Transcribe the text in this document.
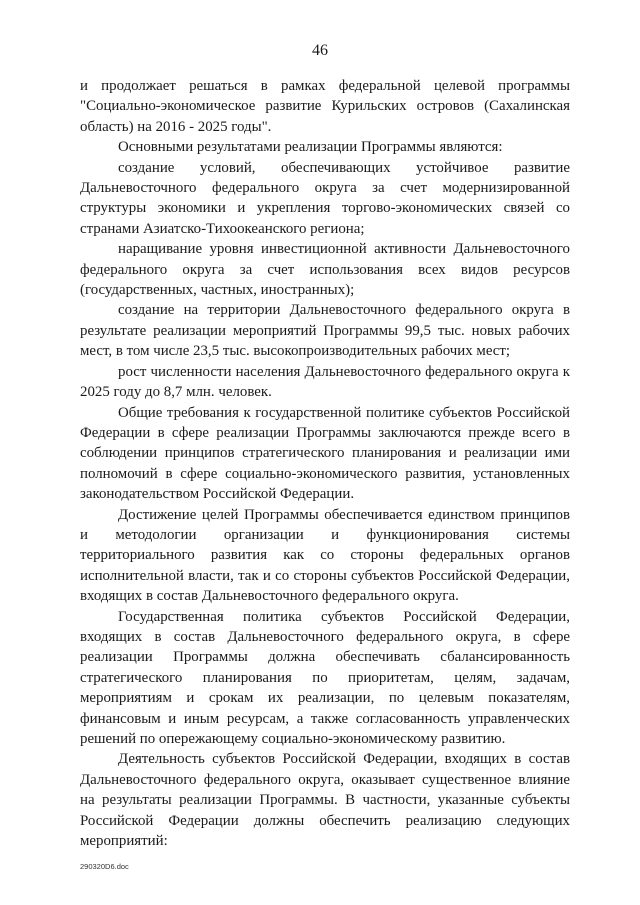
46

и продолжает решаться в рамках федеральной целевой программы "Социально-экономическое развитие Курильских островов (Сахалинская область) на 2016 - 2025 годы".

Основными результатами реализации Программы являются:

создание условий, обеспечивающих устойчивое развитие Дальневосточного федерального округа за счет модернизированной структуры экономики и укрепления торгово-экономических связей со странами Азиатско-Тихоокеанского региона;

наращивание уровня инвестиционной активности Дальневосточного федерального округа за счет использования всех видов ресурсов (государственных, частных, иностранных);

создание на территории Дальневосточного федерального округа в результате реализации мероприятий Программы 99,5 тыс. новых рабочих мест, в том числе 23,5 тыс. высокопроизводительных рабочих мест;

рост численности населения Дальневосточного федерального округа к 2025 году до 8,7 млн. человек.

Общие требования к государственной политике субъектов Российской Федерации в сфере реализации Программы заключаются прежде всего в соблюдении принципов стратегического планирования и реализации ими полномочий в сфере социально-экономического развития, установленных законодательством Российской Федерации.

Достижение целей Программы обеспечивается единством принципов и методологии организации и функционирования системы территориального развития как со стороны федеральных органов исполнительной власти, так и со стороны субъектов Российской Федерации, входящих в состав Дальневосточного федерального округа.

Государственная политика субъектов Российской Федерации, входящих в состав Дальневосточного федерального округа, в сфере реализации Программы должна обеспечивать сбалансированность стратегического планирования по приоритетам, целям, задачам, мероприятиям и срокам их реализации, по целевым показателям, финансовым и иным ресурсам, а также согласованность управленческих решений по опережающему социально-экономическому развитию.

Деятельность субъектов Российской Федерации, входящих в состав Дальневосточного федерального округа, оказывает существенное влияние на результаты реализации Программы. В частности, указанные субъекты Российской Федерации должны обеспечить реализацию следующих мероприятий:

290320D6.doc
